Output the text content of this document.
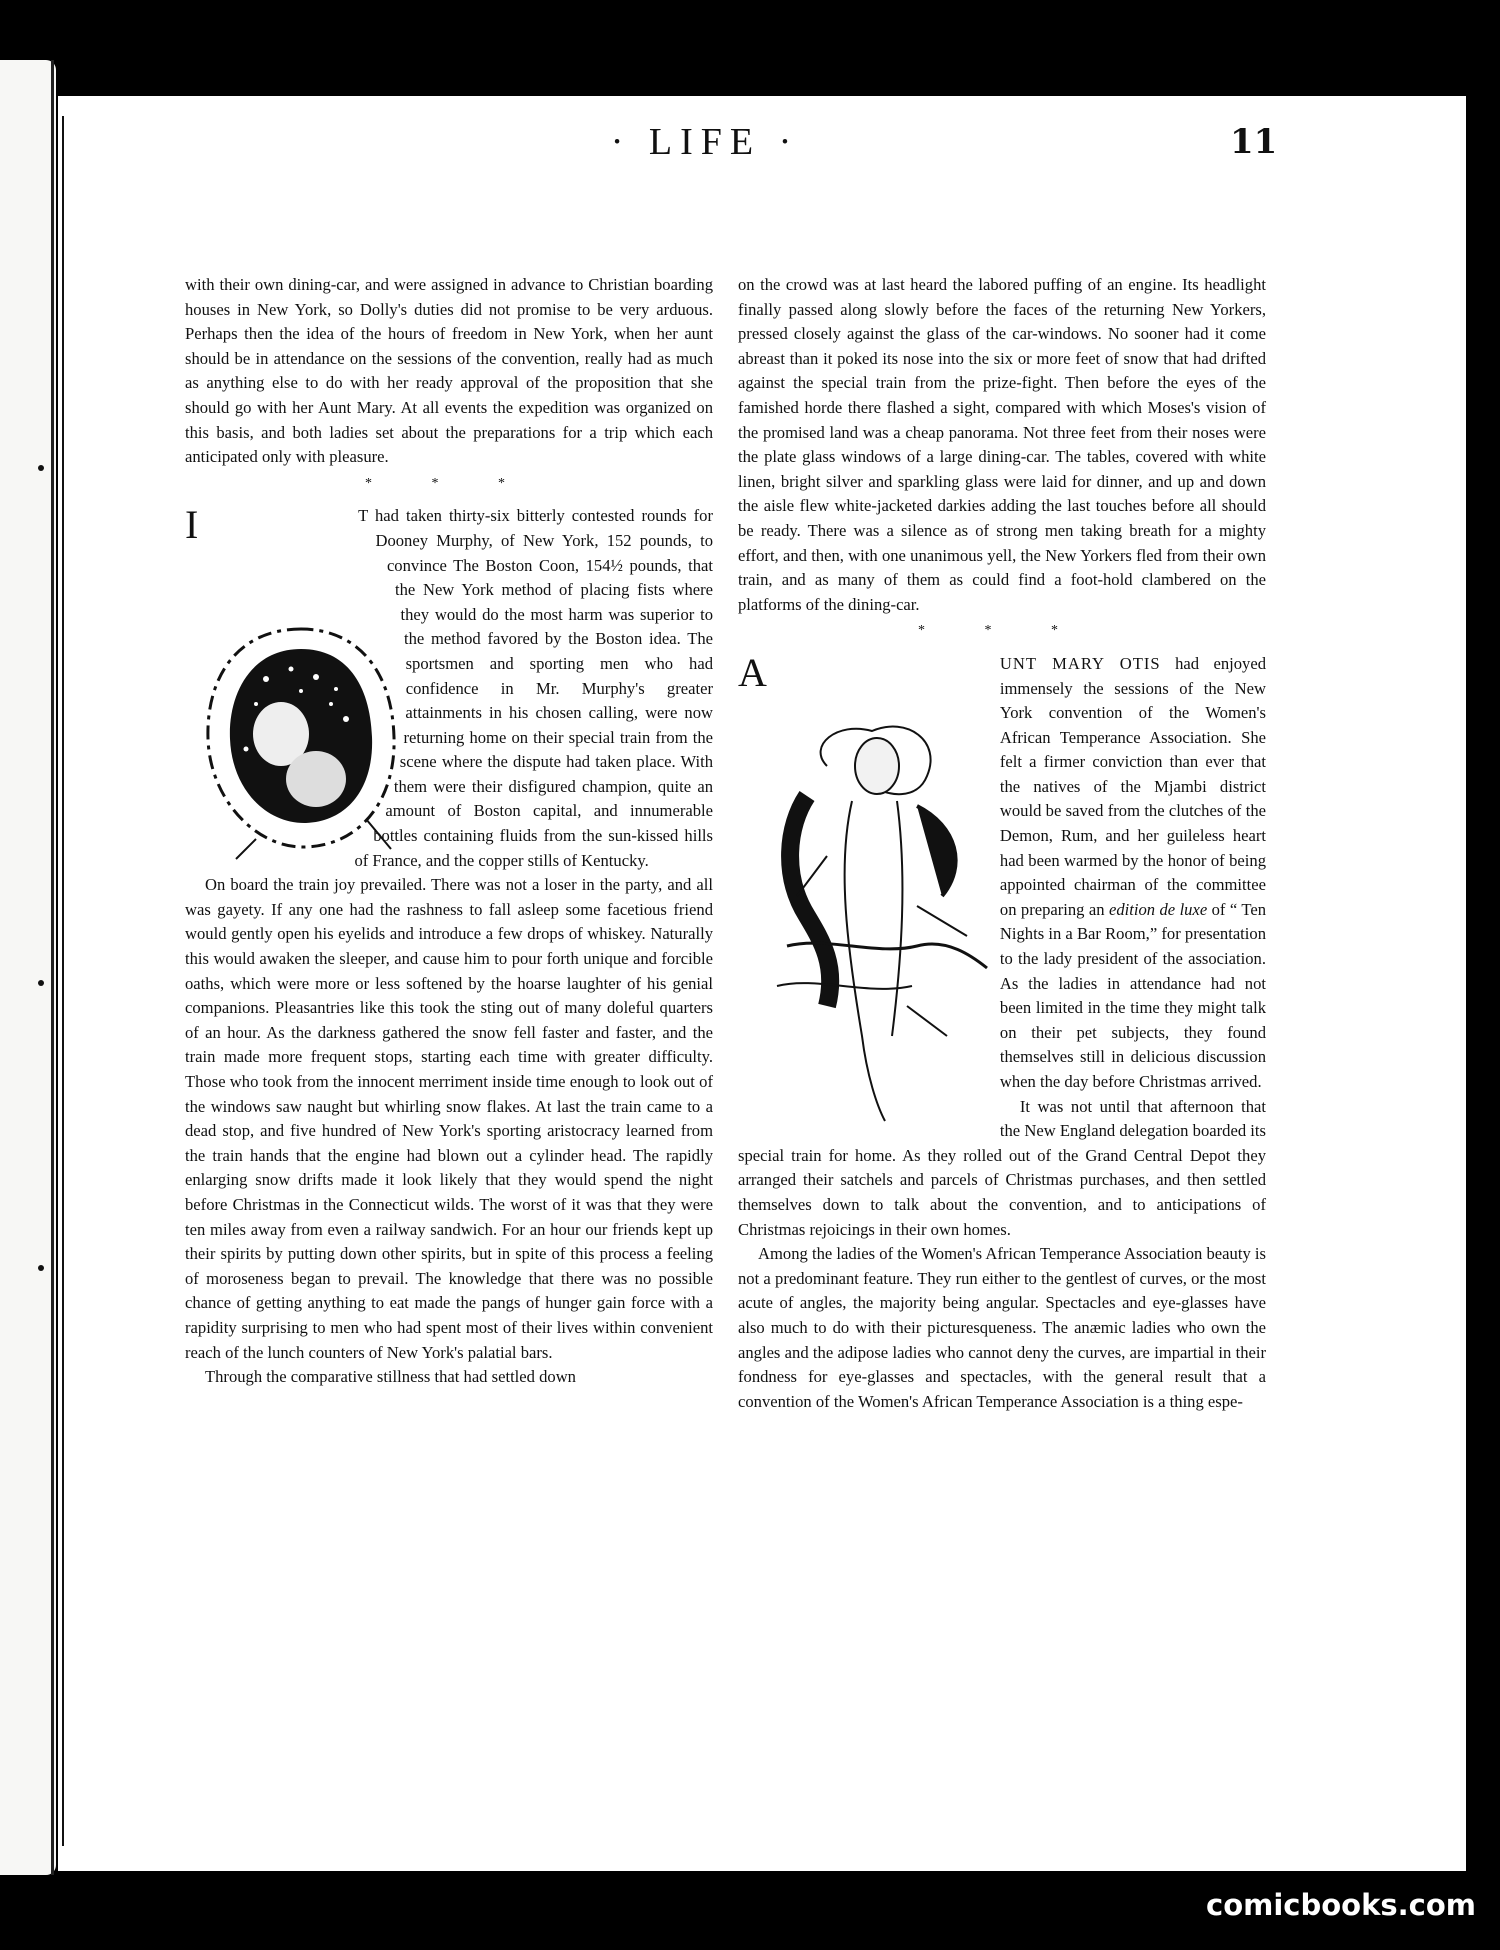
· LIFE ·	11

with their own dining-car, and were assigned in advance to Christian boarding houses in New York, so Dolly's duties did not promise to be very arduous. Perhaps then the idea of the hours of freedom in New York, when her aunt should be in attendance on the sessions of the convention, really had as much as anything else to do with her ready approval of the proposition that she should go with her Aunt Mary. At all events the expedition was organized on this basis, and both ladies set about the preparations for a trip which each anticipated only with pleasure.

* * *

I	T had taken thirty-six bitterly contested rounds for Dooney Murphy, of New York, 152 pounds, to convince The Boston Coon, 154½ pounds, that the New York method of placing fists where they would do the most harm was superior to the method favored by the Boston idea. The sportsmen and sporting men who had confidence in Mr. Murphy's greater attainments in his chosen calling, were now returning home on their special train from the scene where the dispute had taken place. With them were their disfigured champion, quite an amount of Boston capital, and innumerable bottles containing fluids from the sun-kissed hills of France, and the copper stills of Kentucky.

On board the train joy prevailed. There was not a loser in the party, and all was gayety. If any one had the rashness to fall asleep some facetious friend would gently open his eyelids and introduce a few drops of whiskey. Naturally this would awaken the sleeper, and cause him to pour forth unique and forcible oaths, which were more or less softened by the hoarse laughter of his genial companions. Pleasantries like this took the sting out of many doleful quarters of an hour. As the darkness gathered the snow fell faster and faster, and the train made more frequent stops, starting each time with greater difficulty. Those who took from the innocent merriment inside time enough to look out of the windows saw naught but whirling snow flakes. At last the train came to a dead stop, and five hundred of New York's sporting aristocracy learned from the train hands that the engine had blown out a cylinder head. The rapidly enlarging snow drifts made it look likely that they would spend the night before Christmas in the Connecticut wilds. The worst of it was that they were ten miles away from even a railway sandwich. For an hour our friends kept up their spirits by putting down other spirits, but in spite of this process a feeling of moroseness began to prevail. The knowledge that there was no possible chance of getting anything to eat made the pangs of hunger gain force with a rapidity surprising to men who had spent most of their lives within convenient reach of the lunch counters of New York's palatial bars.

Through the comparative stillness that had settled down

on the crowd was at last heard the labored puffing of an engine. Its headlight finally passed along slowly before the faces of the returning New Yorkers, pressed closely against the glass of the car-windows. No sooner had it come abreast than it poked its nose into the six or more feet of snow that had drifted against the special train from the prize-fight. Then before the eyes of the famished horde there flashed a sight, compared with which Moses's vision of the promised land was a cheap panorama. Not three feet from their noses were the plate glass windows of a large dining-car. The tables, covered with white linen, bright silver and sparkling glass were laid for dinner, and up and down the aisle flew white-jacketed darkies adding the last touches before all should be ready. There was a silence as of strong men taking breath for a mighty effort, and then, with one unanimous yell, the New Yorkers fled from their own train, and as many of them as could find a foot-hold clambered on the platforms of the dining-car.

* * *

A	UNT MARY OTIS had enjoyed immensely the sessions of the New York convention of the Women's African Temperance Association. She felt a firmer conviction than ever that the natives of the Mjambi district would be saved from the clutches of the Demon, Rum, and her guileless heart had been warmed by the honor of being appointed chairman of the committee on preparing an edition de luxe of “ Ten Nights in a Bar Room,” for presentation to the lady president of the association. As the ladies in attendance had not been limited in the time they might talk on their pet subjects, they found themselves still in delicious discussion when the day before Christmas arrived.

It was not until that afternoon that the New England delegation boarded its special train for home. As they rolled out of the Grand Central Depot they arranged their satchels and parcels of Christmas purchases, and then settled themselves down to talk about the convention, and to anticipations of Christmas rejoicings in their own homes.

Among the ladies of the Women's African Temperance Association beauty is not a predominant feature. They run either to the gentlest of curves, or the most acute of angles, the majority being angular. Spectacles and eye-glasses have also much to do with their picturesqueness. The anæmic ladies who own the angles and the adipose ladies who cannot deny the curves, are impartial in their fondness for eye-glasses and spectacles, with the general result that a convention of the Women's African Temperance Association is a thing espe-

comicbooks.com
